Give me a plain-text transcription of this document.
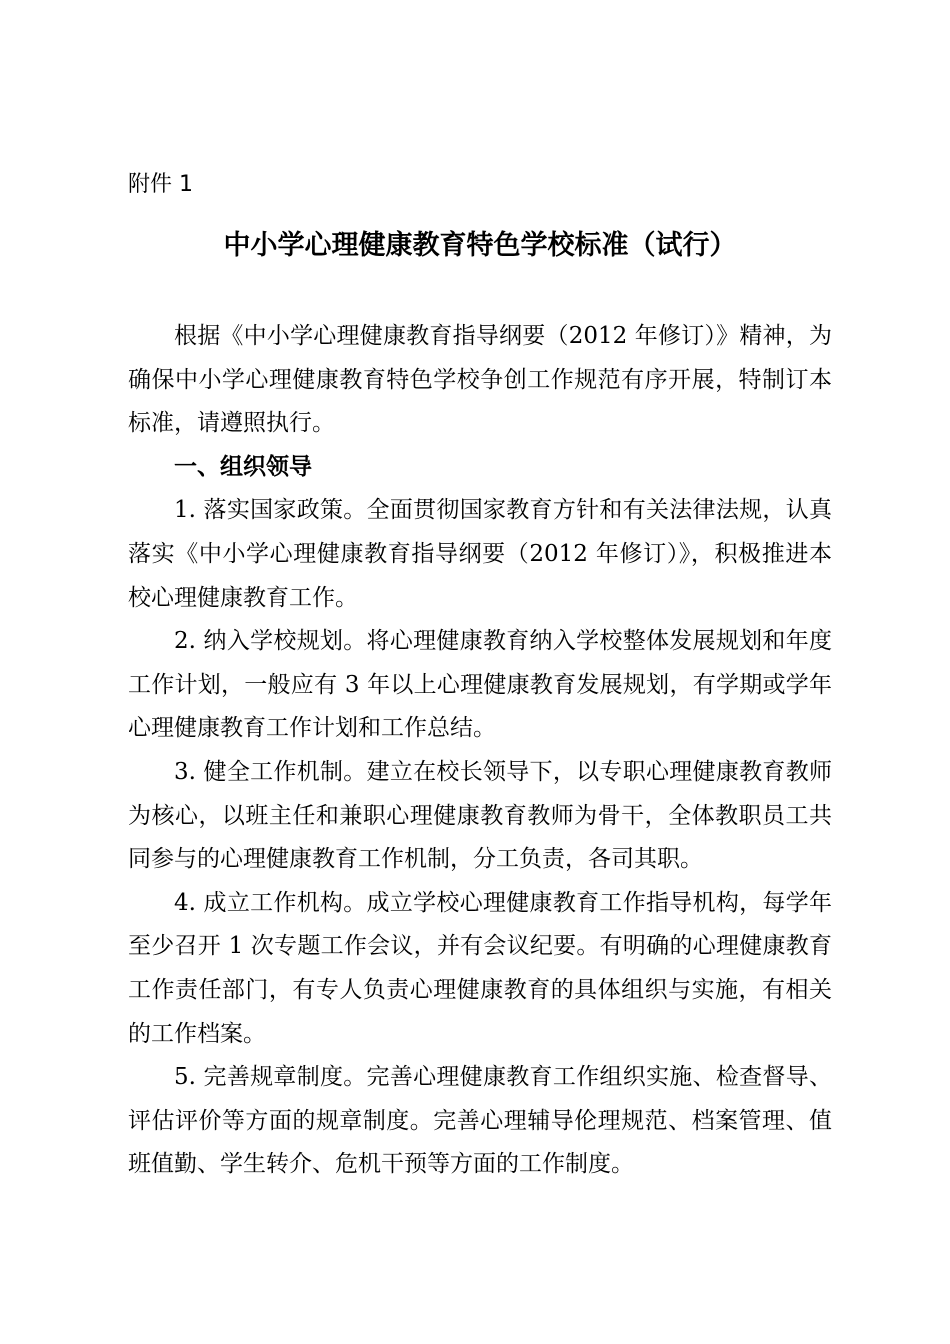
附件 1
中小学心理健康教育特色学校标准（试行）

根据《中小学心理健康教育指导纲要（2012 年修订）》精神，为确保中小学心理健康教育特色学校争创工作规范有序开展，特制订本标准，请遵照执行。

一、组织领导

1. 落实国家政策。全面贯彻国家教育方针和有关法律法规，认真落实《中小学心理健康教育指导纲要（2012 年修订）》，积极推进本校心理健康教育工作。

2. 纳入学校规划。将心理健康教育纳入学校整体发展规划和年度工作计划，一般应有 3 年以上心理健康教育发展规划，有学期或学年心理健康教育工作计划和工作总结。

3. 健全工作机制。建立在校长领导下，以专职心理健康教育教师为核心，以班主任和兼职心理健康教育教师为骨干，全体教职员工共同参与的心理健康教育工作机制，分工负责，各司其职。

4. 成立工作机构。成立学校心理健康教育工作指导机构，每学年至少召开 1 次专题工作会议，并有会议纪要。有明确的心理健康教育工作责任部门，有专人负责心理健康教育的具体组织与实施，有相关的工作档案。

5. 完善规章制度。完善心理健康教育工作组织实施、检查督导、评估评价等方面的规章制度。完善心理辅导伦理规范、档案管理、值班值勤、学生转介、危机干预等方面的工作制度。
